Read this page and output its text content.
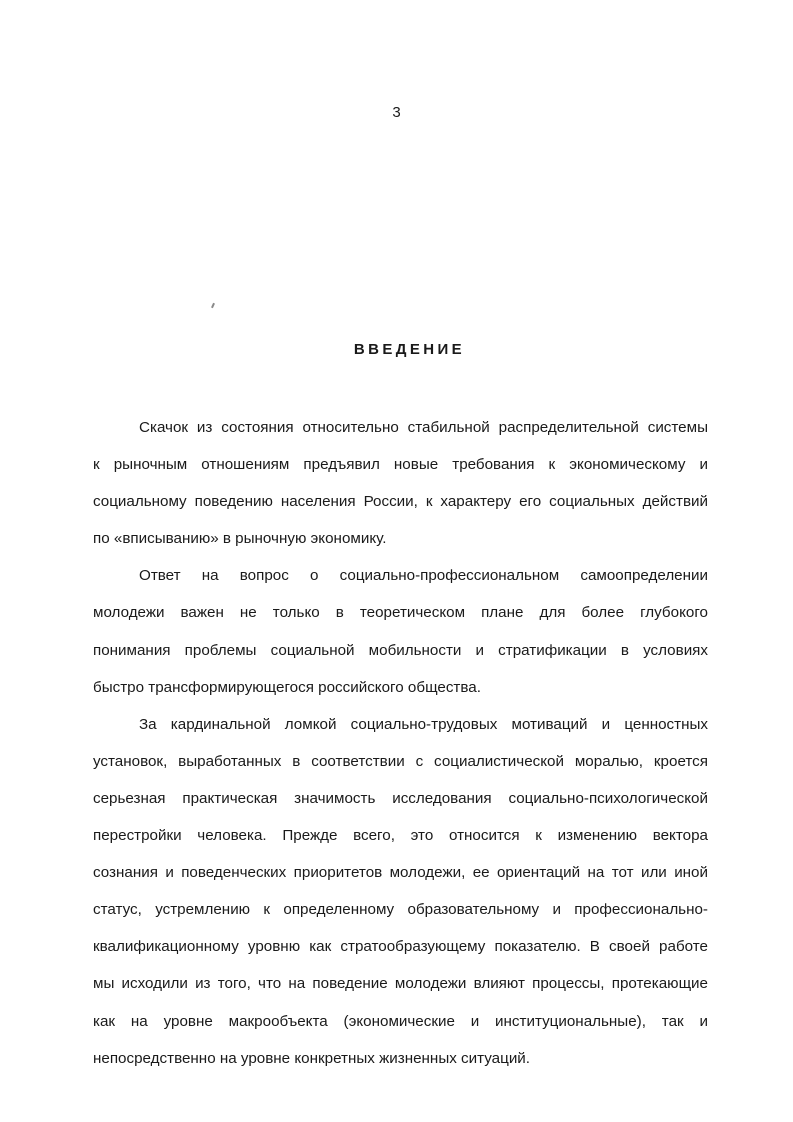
3
ВВЕДЕНИЕ
Скачок из состояния относительно стабильной распределительной системы
к рыночным отношениям предъявил новые требования к экономическому и
социальному поведению населения России, к характеру его социальных действий
по «вписыванию» в рыночную экономику.
Ответ на вопрос о социально-профессиональном самоопределении
молодежи важен не только в теоретическом плане для более глубокого
понимания проблемы социальной мобильности и стратификации в условиях
быстро трансформирующегося российского общества.
За кардинальной ломкой социально-трудовых мотиваций и ценностных
установок, выработанных в соответствии с социалистической моралью, кроется
серьезная практическая значимость исследования социально-психологической
перестройки человека. Прежде всего, это относится к изменению вектора
сознания и поведенческих приоритетов молодежи, ее ориентаций на тот или иной
статус, устремлению к определенному образовательному и профессионально-
квалификационному уровню как стратообразующему показателю. В своей работе
мы исходили из того, что на поведение молодежи влияют процессы, протекающие
как на уровне макрообъекта (экономические и институциональные), так и
непосредственно на уровне конкретных жизненных ситуаций.
